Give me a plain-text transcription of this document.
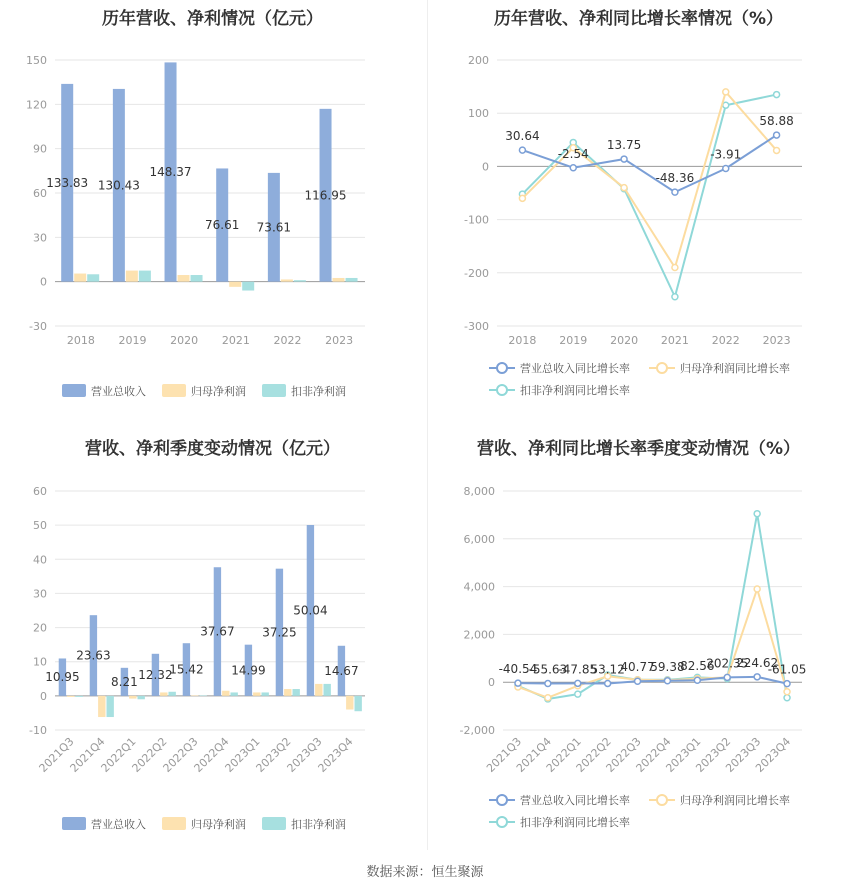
历年营收、净利情况（亿元）
150
120
90
60
30
0
-30
2018 2019 2020 2021 2022 2023
133.83 130.43
148.37
76.61 73.61
116.95
营业总收入	归母净利润	扣非净利润
历年营收、净利同比增长率情况（%）
200
100
0
-100
-200
-300
2018 2019 2020 2021 2022 2023
30.64
-2.54
13.75
-48.36
-3.91
58.88
营业总收入同比增长率	归母净利润同比增长率
扣非净利润同比增长率
营收、净利季度变动情况（亿元）
60
50
40
30
20
10
0
-10
2021Q3
2021Q4
2022Q1
2022Q2
2022Q3
2022Q4
2023Q1
2023Q2
2023Q3
2023Q4
10.95
23.63
8.21
12.32
15.42
37.67
14.99
37.25
50.04
14.67
营业总收入	归母净利润	扣非净利润
营收、净利同比增长率季度变动情况（%）
8,000
6,000
4,000
2,000
0
-2,000
2021Q3
2021Q4
2022Q1
2022Q2
2022Q3
2022Q4
2023Q1
2023Q2
2023Q3
2023Q4
-40.54
-55.63
-47.85
53.12
40.77
59.38
82.56
202.35
224.62
-61.05
营业总收入同比增长率	归母净利润同比增长率
扣非净利润同比增长率
数据来源：恒生聚源
